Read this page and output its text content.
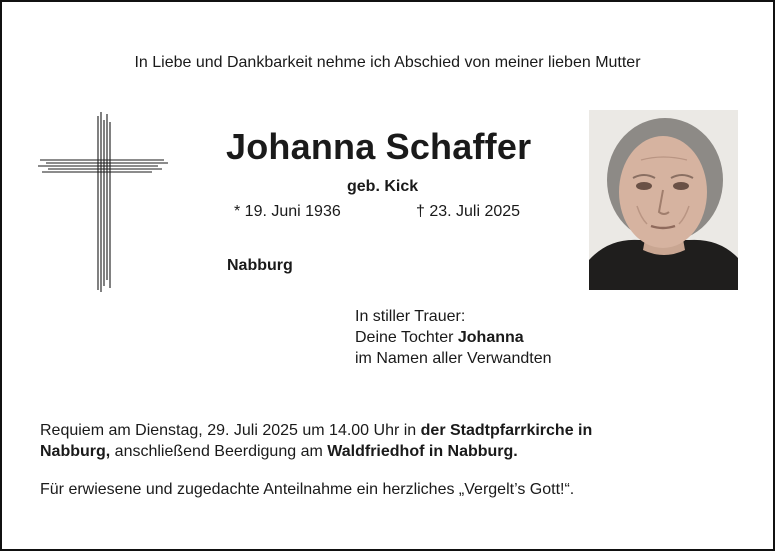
In Liebe und Dankbarkeit nehme ich Abschied von meiner lieben Mutter
Johanna Schaffer
geb. Kick
* 19. Juni 1936	† 23. Juli 2025
Nabburg
In stiller Trauer:
Deine Tochter Johanna
im Namen aller Verwandten
Requiem am Dienstag, 29. Juli 2025 um 14.00 Uhr in der Stadtpfarrkirche in
Nabburg, anschließend Beerdigung am Waldfriedhof in Nabburg.
Für erwiesene und zugedachte Anteilnahme ein herzliches „Vergelt’s Gott!“.
